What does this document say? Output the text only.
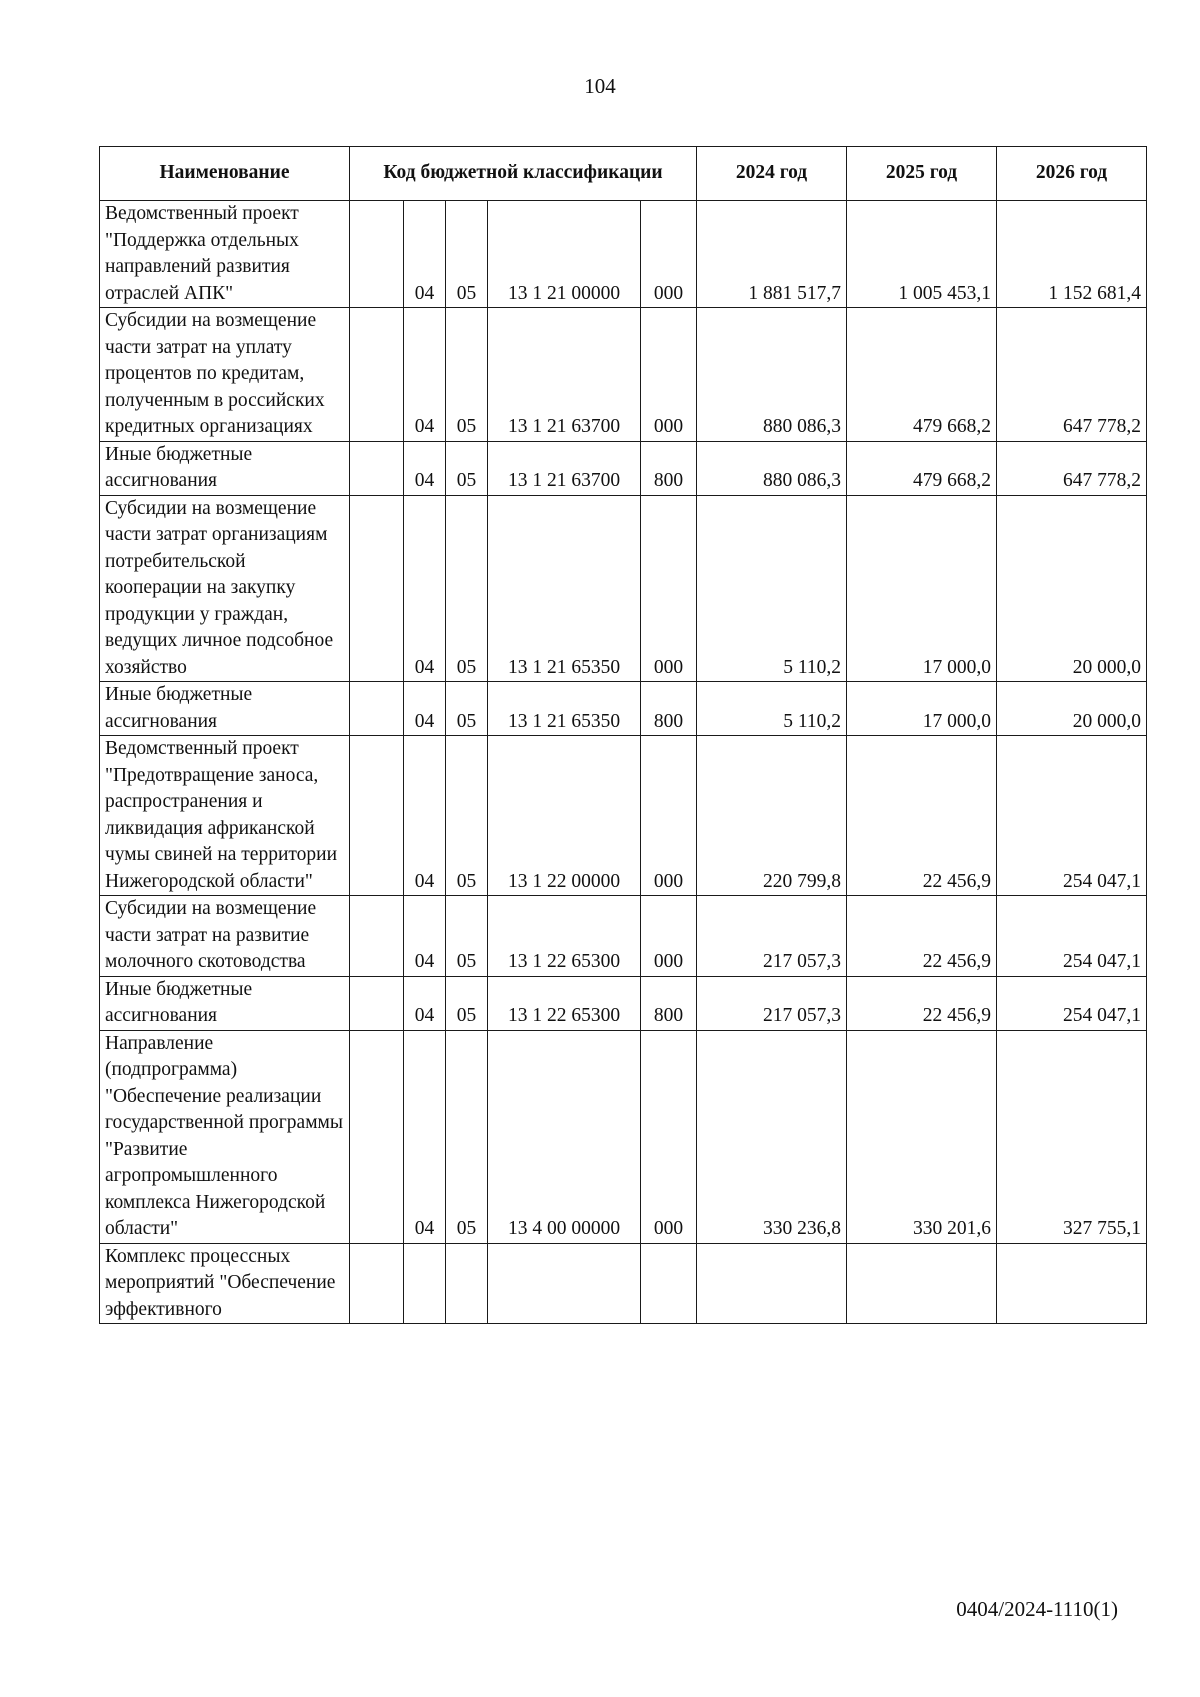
104
Наименование	Код бюджетной классификации					2024 год	2025 год	2026 год
Ведомственный проект "Поддержка отдельных направлений развития отраслей АПК"		04	05	13 1 21 00000	000	1 881 517,7	1 005 453,1	1 152 681,4
Субсидии на возмещение части затрат на уплату процентов по кредитам, полученным в российских кредитных организациях		04	05	13 1 21 63700	000	880 086,3	479 668,2	647 778,2
Иные бюджетные ассигнования		04	05	13 1 21 63700	800	880 086,3	479 668,2	647 778,2
Субсидии на возмещение части затрат организациям потребительской кооперации на закупку продукции у граждан, ведущих личное подсобное хозяйство		04	05	13 1 21 65350	000	5 110,2	17 000,0	20 000,0
Иные бюджетные ассигнования		04	05	13 1 21 65350	800	5 110,2	17 000,0	20 000,0
Ведомственный проект "Предотвращение заноса, распространения и ликвидация африканской чумы свиней на территории Нижегородской области"		04	05	13 1 22 00000	000	220 799,8	22 456,9	254 047,1
Субсидии на возмещение части затрат на развитие молочного скотоводства		04	05	13 1 22 65300	000	217 057,3	22 456,9	254 047,1
Иные бюджетные ассигнования		04	05	13 1 22 65300	800	217 057,3	22 456,9	254 047,1
Направление (подпрограмма) "Обеспечение реализации государственной программы "Развитие агропромышленного комплекса Нижегородской области"		04	05	13 4 00 00000	000	330 236,8	330 201,6	327 755,1
Комплекс процессных мероприятий "Обеспечение эффективного								
0404/2024-1110(1)
